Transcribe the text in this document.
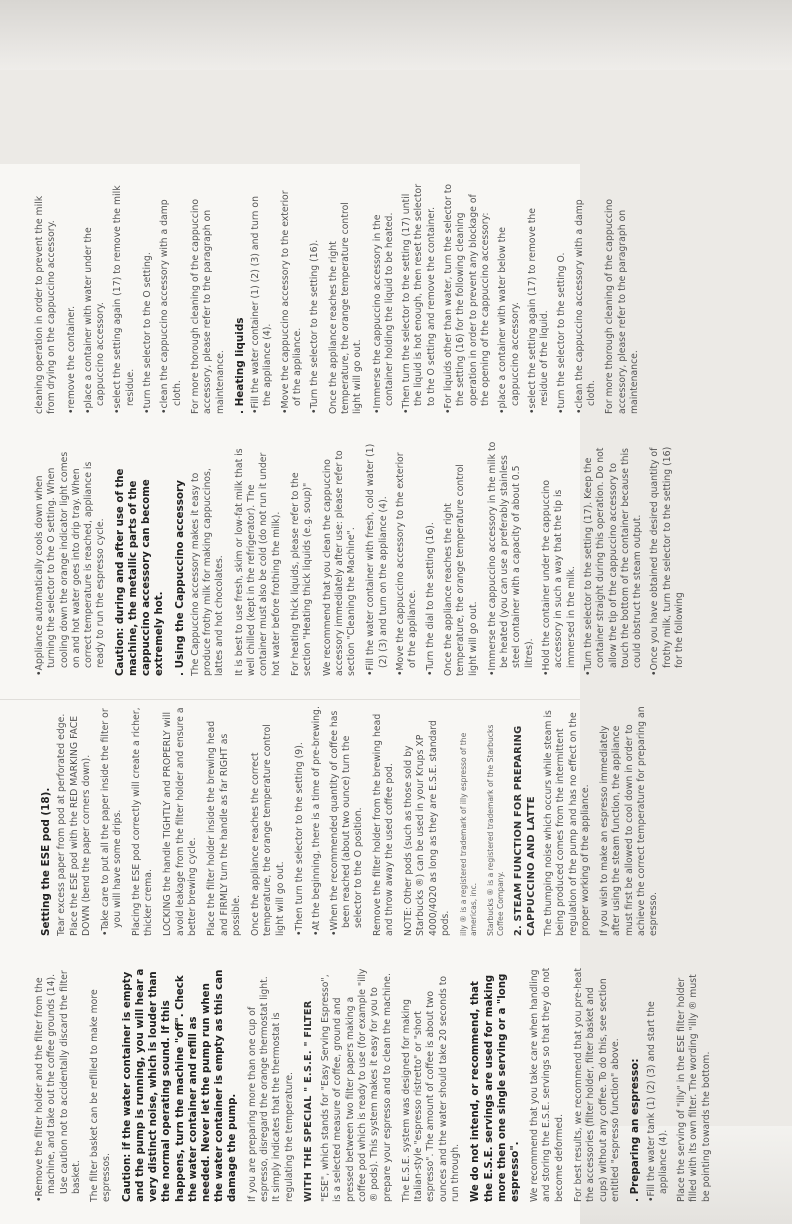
• Remove the filter holder and the filter from the machine, and take out the coffee grounds (14). Use caution not to accidentally discard the filter basket. The filter basket can be refilled to make more espressos. Caution: if the water container is empty and the pump is running, you will hear a very distinct noise, which is louder than the normal operating sound. If this happens, turn the machine "off". Check the water container and refill as needed. Never let the pump run when the water container is empty as this can damage the pump. If you are preparing more than one cup of espresso, disregard the orange thermostat light. It simply indicates that the thermostat is regulating the temperature. WITH THE SPECIAL " E.S.E. " FILTER "ESE", which stands for "Easy Serving Espresso", is a selected measure of coffee, ground and pressed between two filter papers making a coffee pod which is ready to use (for example "illy ® pods). This system makes it easy for you to prepare your espresso and to clean the machine. The E.S.E. system was designed for making Italian-style "espresso ristretto" or "short espresso". The amount of coffee is about two ounces and the water should take 20 seconds to run through. We do not intend, or recommend, that the E.S.E. servings are used for making more then one single serving or a "long espresso". We recommend that you take care when handling and storing the E.S.E. servings so that they do not become deformed. For best results, we recommend that you pre-heat the accessories (filter holder, filter basket and cups) without any coffee. To do this, see section entitled "espresso function" above. . Preparing an espresso: • Fill the water tank (1) (2) (3) and start the appliance (4). Place the serving of "illy" in the ESE filter holder filled with its own filter. The wording "illy ® must be pointing towards the bottom.

Setting the ESE pod (18). Tear excess paper from pod at perforated edge. Place the ESE pod with the RED MARKING FACE DOWN (bend the paper corners down). • Take care to put all the paper inside the filter or you will have some drips. Placing the ESE pod correctly will create a richer, thicker crema. LOCKING the handle TIGHTLY and PROPERLY will avoid leakage from the filter holder and ensure a better brewing cycle. Place the filter holder inside the brewing head and FIRMLY turn the handle as far RIGHT as possible. Once the appliance reaches the correct temperature, the orange temperature control light will go out. • Then turn the selector to the setting (9). • At the beginning, there is a time of pre-brewing. • When the recommended quantity of coffee has been reached (about two ounce) turn the selector to the O position. Remove the filter holder from the brewing head and throw away the used coffee pod. NOTE: Other pods (such as those sold by Starbucks ®) can be used in your Krups XP 4000/4020 as long as they are E.S.E. standard pods. illy ® is a registered trademark of illy espresso of the americas, inc. Starbucks ® is a registered trademark of the Starbucks Coffee Company. 2. STEAM FUNCTION FOR PREPARING CAPPUCCINO AND LATTE The thumping noise which occurs while steam is being produced comes from the intermittent regulation of the pump and has no effect on the proper working of the appliance. If you wish to make an espresso immediately after using the steam function, the appliance must first be allowed to cool down in order to achieve the correct temperature for preparing an espresso.

• Appliance automatically cools down when turning the selector to the O setting. When cooling down the orange indicator light comes on and hot water goes into drip tray. When correct temperature is reached, appliance is ready to run the espresso cycle. Caution: during and after use of the machine, the metallic parts of the cappuccino accessory can become extremely hot. . Using the Cappuccino accessory The Cappuccino accessory makes it easy to produce frothy milk for making cappuccinos, lattes and hot chocolates. It is best to use fresh, skim or low-fat milk that is well chilled (kept in the refrigerator). The container must also be cold (do not run it under hot water before frothing the milk). For heating thick liquids, please refer to the section "Heating thick liquids (e.g. soup)" We recommend that you clean the cappuccino accessory immediately after use: please refer to section "Cleaning the Machine". • Fill the water container with fresh, cold water (1) (2) (3) and turn on the appliance (4). • Move the cappuccino accessory to the exterior of the appliance. • Turn the dial to the setting (16). Once the appliance reaches the right temperature, the orange temperature control light will go out. • Immerse the cappuccino accessory in the milk to be heated (you can use a preferably stainless steel container with a capacity of about 0.5 litres). • Hold the container under the cappuccino accessory in such a way that the tip is immersed in the milk. • Turn the selector to the setting (17). Keep the container straight during this operation. Do not allow the tip of the cappuccino accessory to touch the bottom of the container because this could obstruct the steam output. • Once you have obtained the desired quantity of frothy milk, turn the selector to the setting (16) for the following

cleaning operation in order to prevent the milk from drying on the cappuccino accessory. • remove the container. • place a container with water under the cappuccino accessory. • select the setting again (17) to remove the milk residue. • turn the selector to the O setting. • clean the cappuccino accessory with a damp cloth. For more thorough cleaning of the cappuccino accessory, please refer to the paragraph on maintenance. . Heating liquids • Fill the water container (1) (2) (3) and turn on the appliance (4). • Move the cappuccino accessory to the exterior of the appliance. • Turn the selector to the setting (16). Once the appliance reaches the right temperature, the orange temperature control light will go out. • Immerse the cappuccino accessory in the container holding the liquid to be heated. • Then turn the selector to the setting (17) until the liquid is hot enough, then reset the selector to the O setting and remove the container. • For liquids other than water, turn the selector to the setting (16) for the following cleaning operation in order to prevent any blockage of the opening of the cappuccino accessory: • place a container with water below the cappuccino accessory. • select the setting again (17) to remove the residue of the liquid. • turn the selector to the setting O. • clean the cappuccino accessory with a damp cloth. For more thorough cleaning of the cappuccino accessory, please refer to the paragraph on maintenance.
